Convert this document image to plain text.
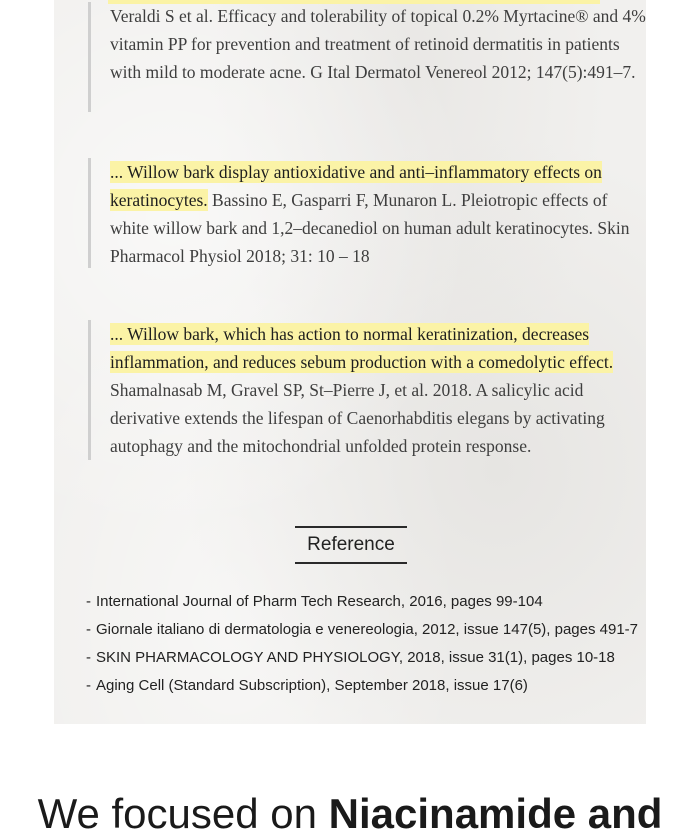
Veraldi S et al. Efficacy and tolerability of topical 0.2% Myrtacine® and 4% vitamin PP for prevention and treatment of retinoid dermatitis in patients with mild to moderate acne. G Ital Dermatol Venereol 2012; 147(5):491–7.
... Willow bark display antioxidative and anti–inflammatory effects on keratinocytes. Bassino E, Gasparri F, Munaron L. Pleiotropic effects of white willow bark and 1,2–decanediol on human adult keratinocytes. Skin Pharmacol Physiol 2018; 31: 10 – 18
... Willow bark, which has action to normal keratinization, decreases inflammation, and reduces sebum production with a comedolytic effect. Shamalnasab M, Gravel SP, St–Pierre J, et al. 2018. A salicylic acid derivative extends the lifespan of Caenorhabditis elegans by activating autophagy and the mitochondrial unfolded protein response.
Reference
- International Journal of Pharm Tech Research, 2016, pages 99-104
- Giornale italiano di dermatologia e venereologia, 2012, issue 147(5), pages 491-7
- SKIN PHARMACOLOGY AND PHYSIOLOGY, 2018, issue 31(1), pages 10-18
- Aging Cell (Standard Subscription), September 2018, issue 17(6)
We focused on Niacinamide and
